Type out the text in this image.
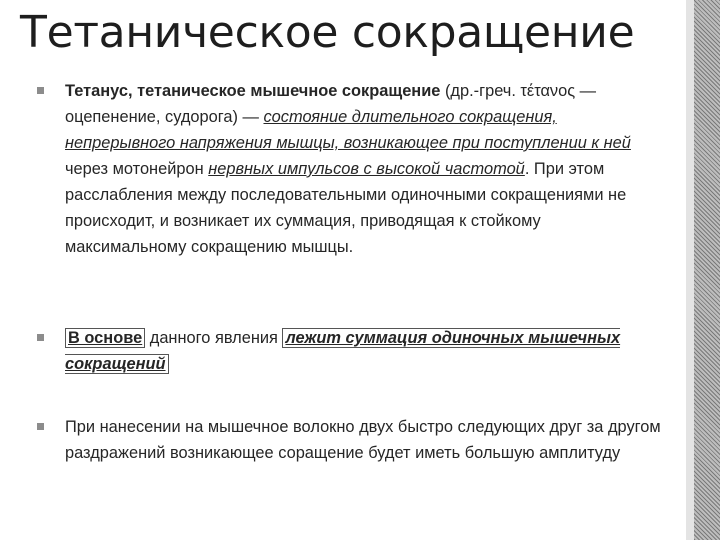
Тетаническое сокращение
Тетанус, тетаническое мышечное сокращение (др.-греч. τέτανος — оцепенение, судорога) — состояние длительного сокращения, непрерывного напряжения мышцы, возникающее при поступлении к ней через мотонейрон нервных импульсов с высокой частотой. При этом расслабления между последовательными одиночными сокращениями не происходит, и возникает их суммация, приводящая к стойкому максимальному сокращению мышцы.
В основе данного явления лежит суммация одиночных мышечных сокращений
При нанесении на мышечное волокно двух быстро следующих друг за другом раздражений возникающее соращение будет иметь большую амплитуду
